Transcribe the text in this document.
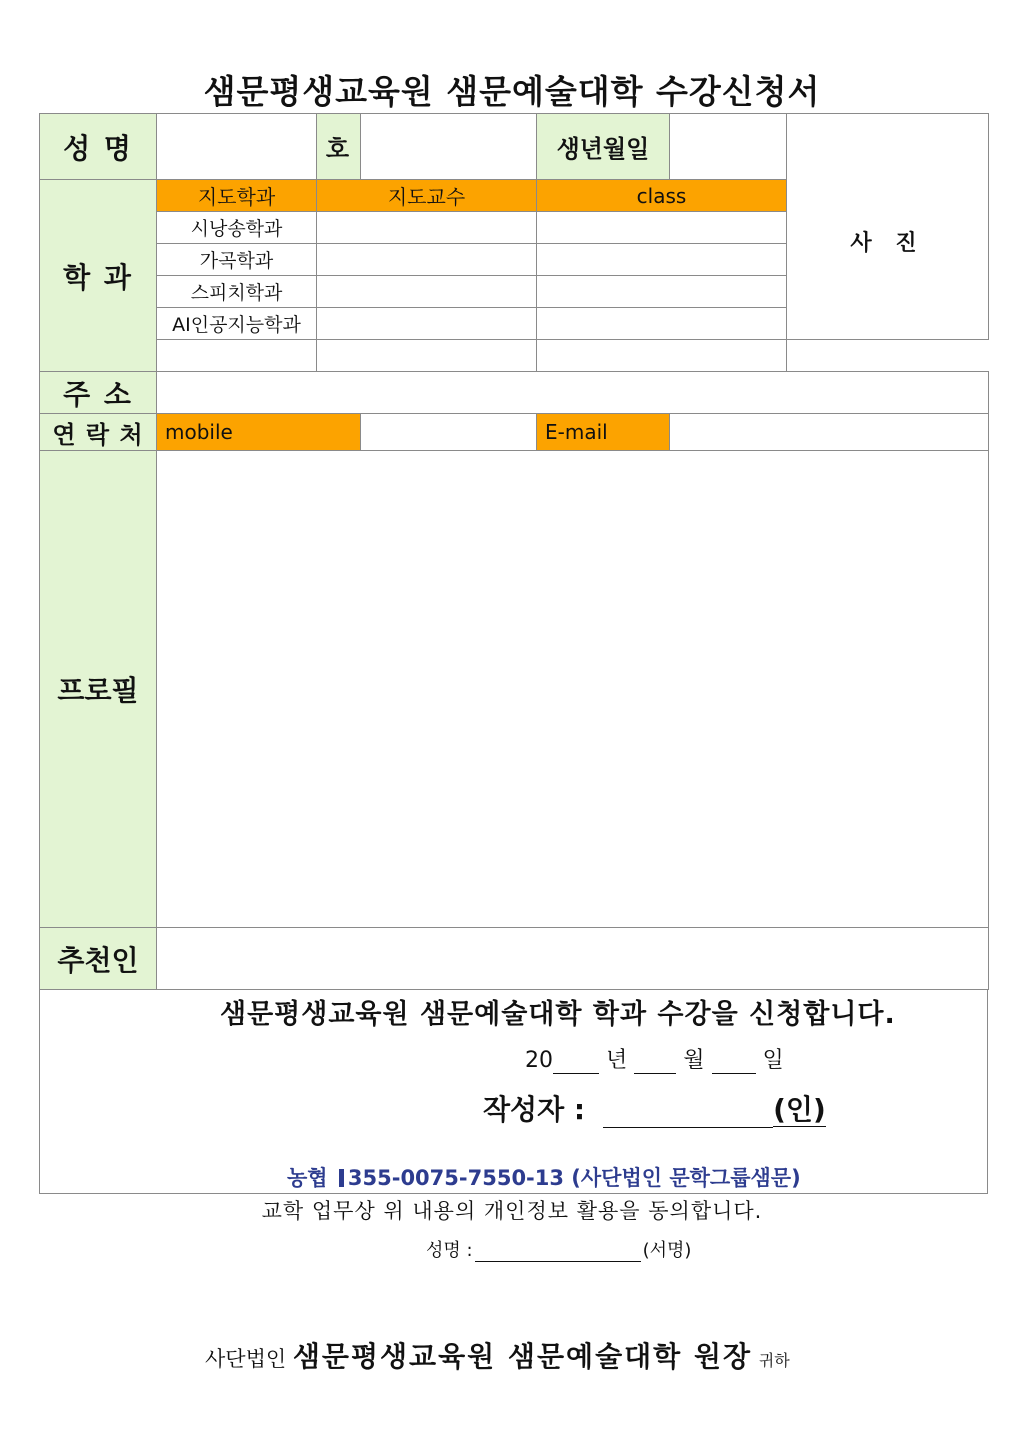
샘문평생교육원 샘문예술대학 수강신청서
성 명		호		생년월일		사 진
학 과	지도학과	지도교수		class		
	시낭송학과					
	가곡학과					
	스피치학과					
	AI인공지능학과					

주 소						
연 락 처	mobile			E-mail		
프로필						
추천인						
샘문평생교육원 샘문예술대학 학과 수강을 신청합니다.
20 년	월	일
작성자 :	(인)
농협 355-0075-7550-13 (사단법인 문학그룹샘문)
교학 업무상 위 내용의 개인정보 활용을 동의합니다.
성명 :	(서명)
사단법인 샘문평생교육원 샘문예술대학 원장 귀하
